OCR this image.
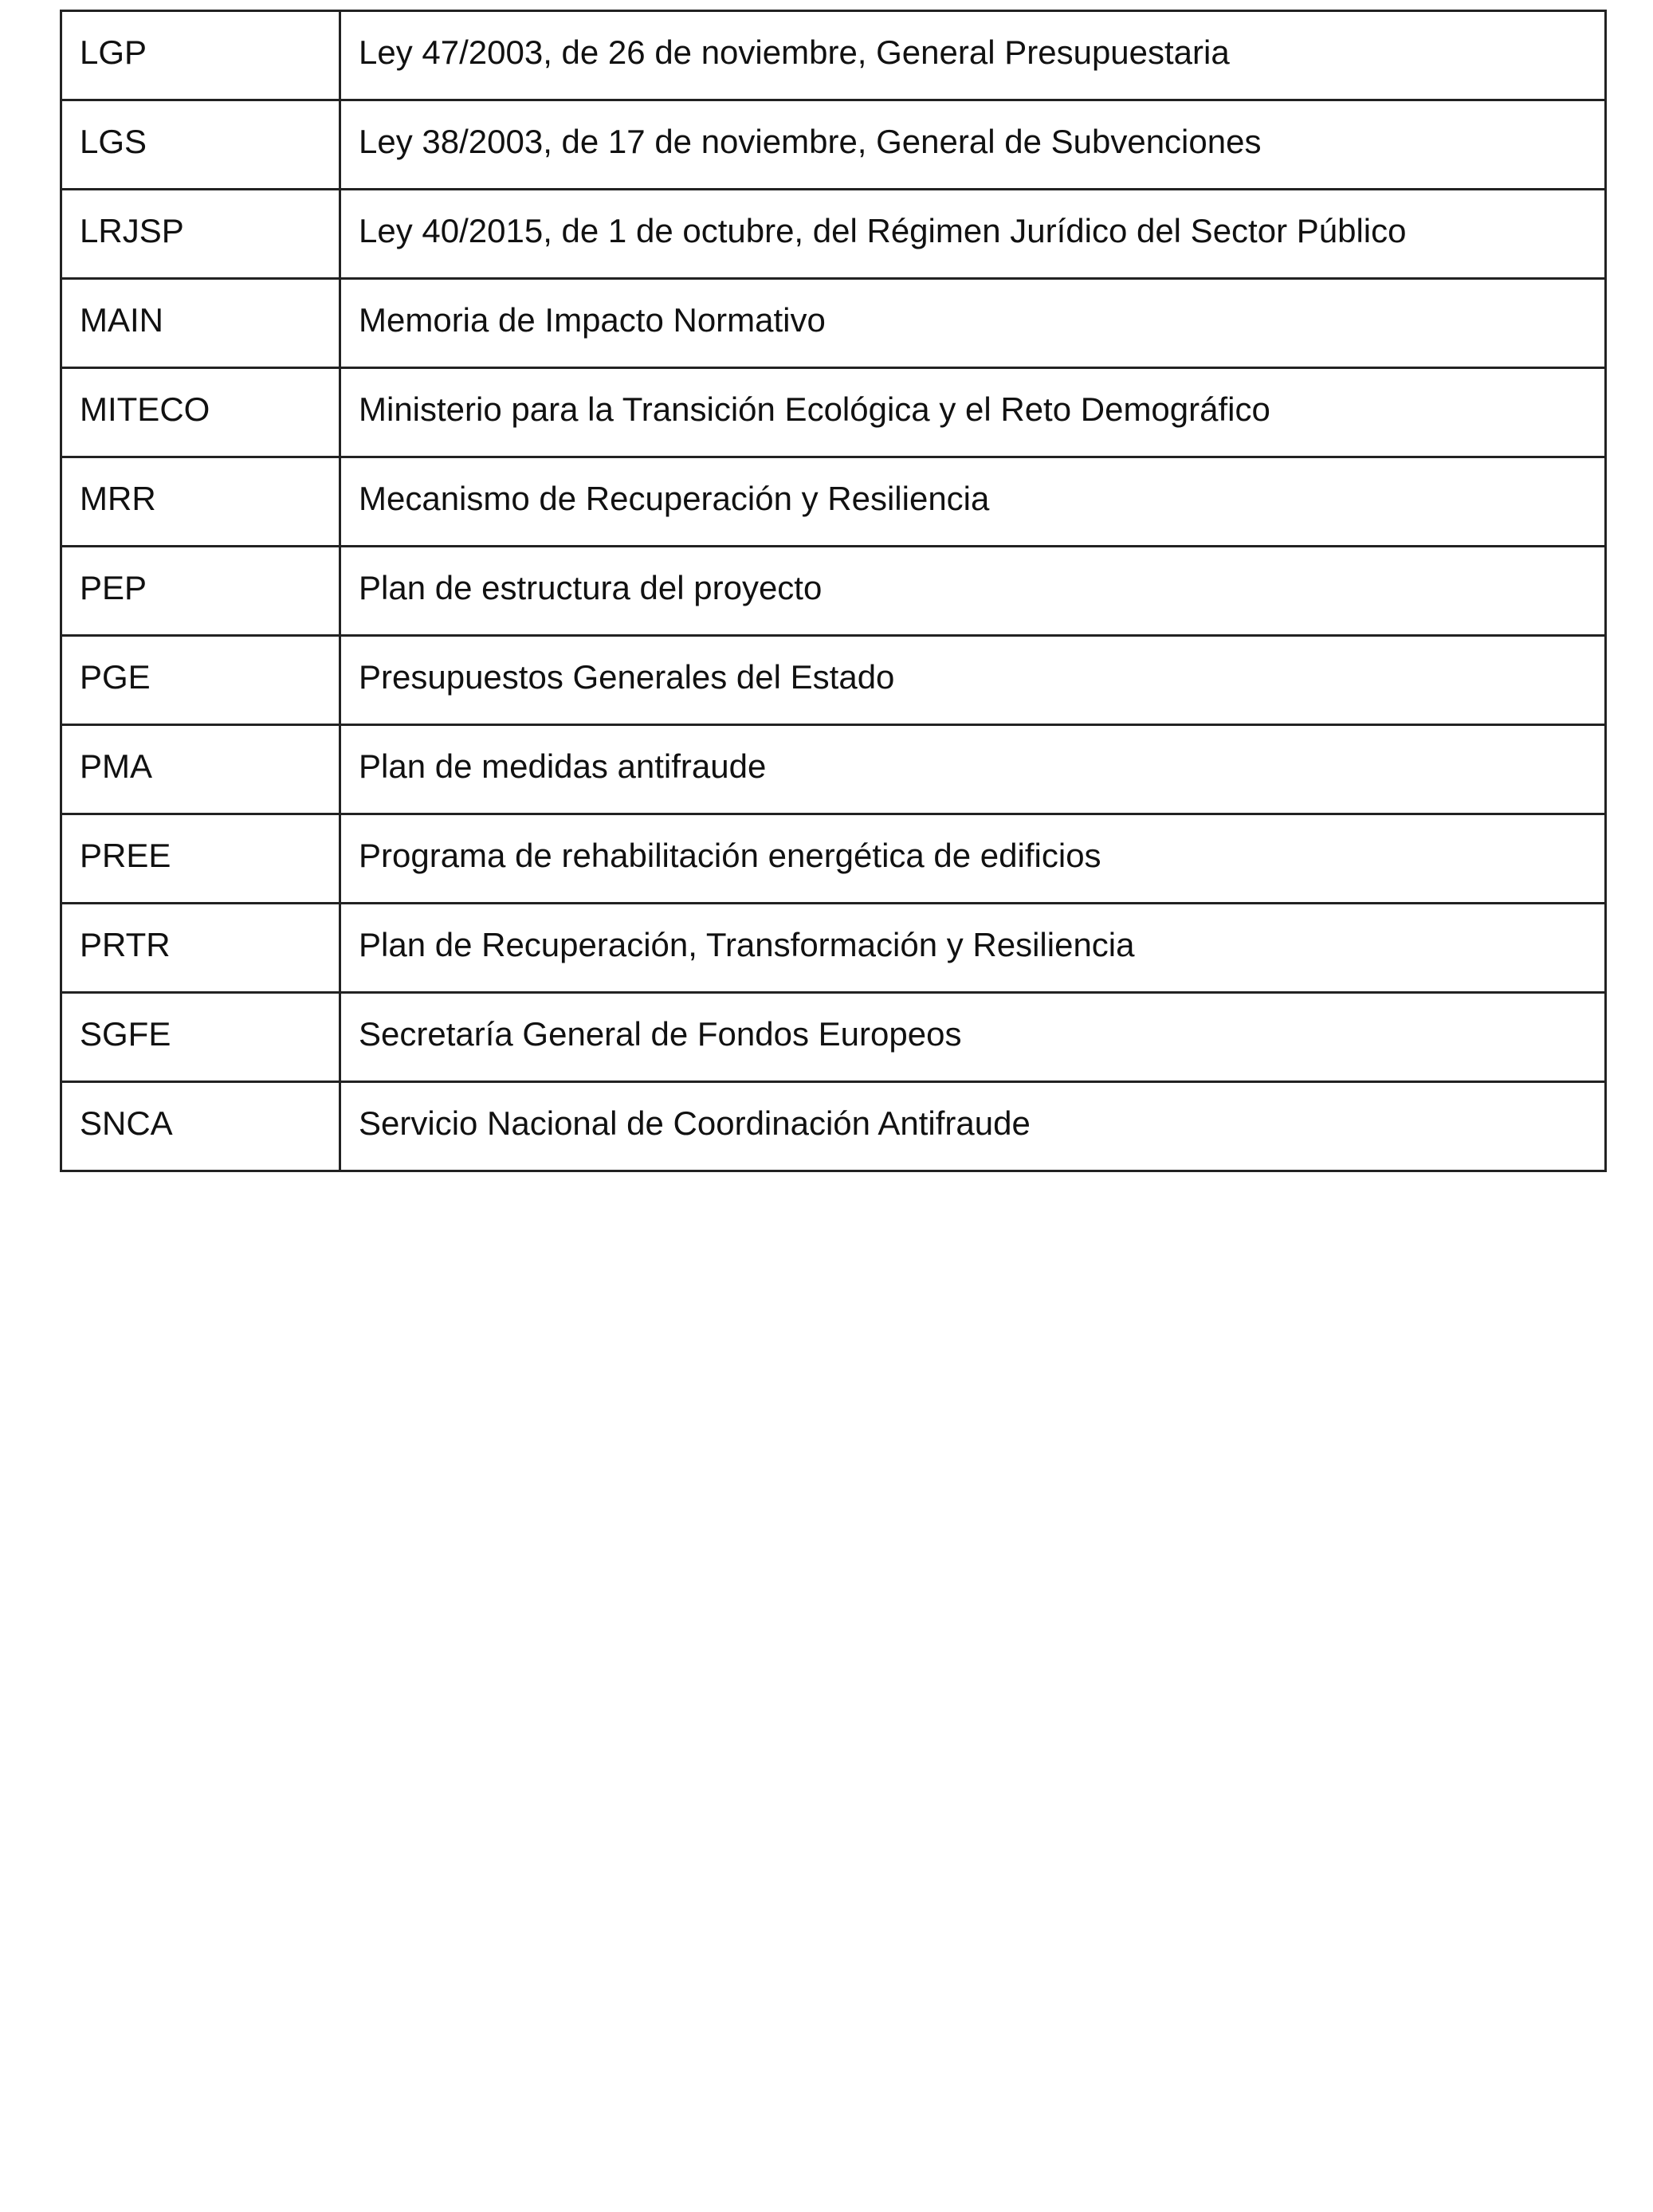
LGP	Ley 47/2003, de 26 de noviembre, General Presupuestaria
LGS	Ley 38/2003, de 17 de noviembre, General de Subvenciones
LRJSP	Ley 40/2015, de 1 de octubre, del Régimen Jurídico del Sector Público
MAIN	Memoria de Impacto Normativo
MITECO	Ministerio para la Transición Ecológica y el Reto Demográfico
MRR	Mecanismo de Recuperación y Resiliencia
PEP	Plan de estructura del proyecto
PGE	Presupuestos Generales del Estado
PMA	Plan de medidas antifraude
PREE	Programa de rehabilitación energética de edificios
PRTR	Plan de Recuperación, Transformación y Resiliencia
SGFE	Secretaría General de Fondos Europeos
SNCA	Servicio Nacional de Coordinación Antifraude
